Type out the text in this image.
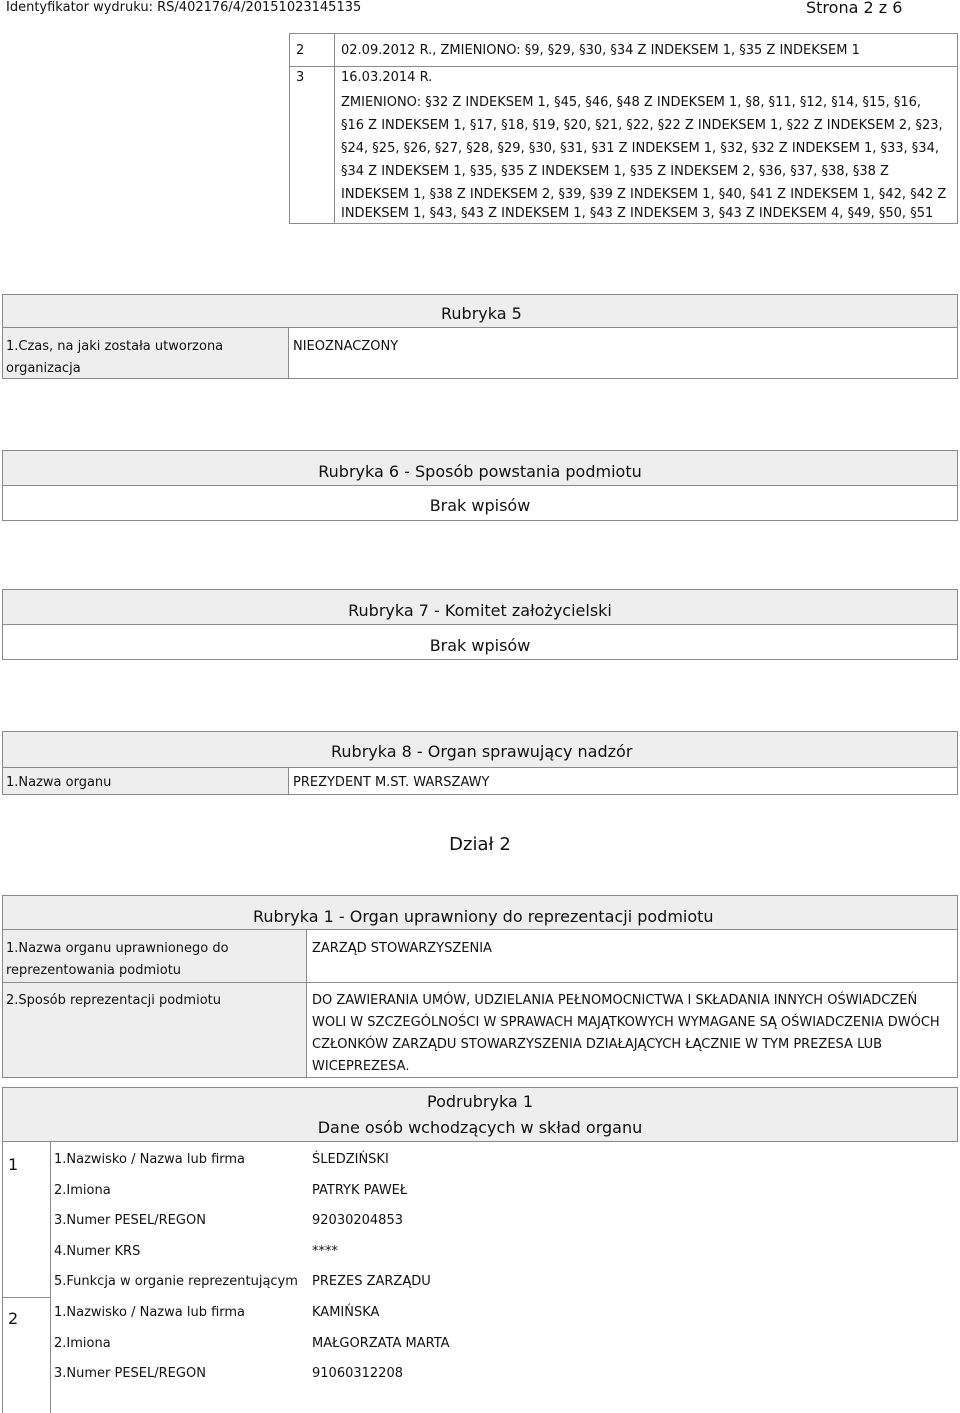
Identyfikator wydruku: RS/402176/4/20151023145135	Strona 2 z 6
2	02.09.2012 R., ZMIENIONO: §9, §29, §30, §34 Z INDEKSEM 1, §35 Z INDEKSEM 1
3	16.03.2014 R.
ZMIENIONO: §32 Z INDEKSEM 1, §45, §46, §48 Z INDEKSEM 1, §8, §11, §12, §14, §15, §16,
§16 Z INDEKSEM 1, §17, §18, §19, §20, §21, §22, §22 Z INDEKSEM 1, §22 Z INDEKSEM 2, §23,
§24, §25, §26, §27, §28, §29, §30, §31, §31 Z INDEKSEM 1, §32, §32 Z INDEKSEM 1, §33, §34,
§34 Z INDEKSEM 1, §35, §35 Z INDEKSEM 1, §35 Z INDEKSEM 2, §36, §37, §38, §38 Z
INDEKSEM 1, §38 Z INDEKSEM 2, §39, §39 Z INDEKSEM 1, §40, §41 Z INDEKSEM 1, §42, §42 Z
INDEKSEM 1, §43, §43 Z INDEKSEM 1, §43 Z INDEKSEM 3, §43 Z INDEKSEM 4, §49, §50, §51
Rubryka 5
1.Czas, na jaki została utworzona
organizacja
NIEOZNACZONY
Rubryka 6 - Sposób powstania podmiotu
Brak wpisów
Rubryka 7 - Komitet założycielski
Brak wpisów
Rubryka 8 - Organ sprawujący nadzór
1.Nazwa organu	PREZYDENT M.ST. WARSZAWY
Dział 2
Rubryka 1 - Organ uprawniony do reprezentacji podmiotu
1.Nazwa organu uprawnionego do
reprezentowania podmiotu
ZARZĄD STOWARZYSZENIA
2.Sposób reprezentacji podmiotu	DO ZAWIERANIA UMÓW, UDZIELANIA PEŁNOMOCNICTWA I SKŁADANIA INNYCH OŚWIADCZEŃ
WOLI W SZCZEGÓLNOŚCI W SPRAWACH MAJĄTKOWYCH WYMAGANE SĄ OŚWIADCZENIA DWÓCH
CZŁONKÓW ZARZĄDU STOWARZYSZENIA DZIAŁAJĄCYCH ŁĄCZNIE W TYM PREZESA LUB
WICEPREZESA.
Podrubryka 1
Dane osób wchodzących w skład organu
1	1.Nazwisko / Nazwa lub firma	ŚLEDZIŃSKI
2.Imiona	PATRYK PAWEŁ
3.Numer PESEL/REGON	92030204853
4.Numer KRS	****
5.Funkcja w organie reprezentującym PREZES ZARZĄDU
2	1.Nazwisko / Nazwa lub firma	KAMIŃSKA
2.Imiona	MAŁGORZATA MARTA
3.Numer PESEL/REGON	91060312208
